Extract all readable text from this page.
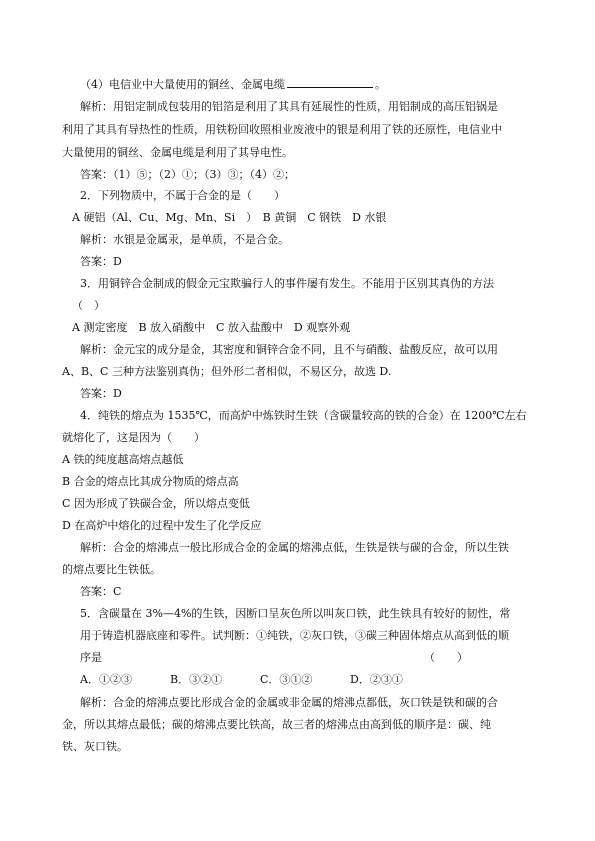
（4）电信业中大量使用的铜丝、金属电缆	。
解析：用铝定制成包装用的铝箔是利用了其具有延展性的性质，用铝制成的高压铝锅是
利用了其具有导热性的性质，用铁粉回收照相业废液中的银是利用了铁的还原性，电信业中
大量使用的铜丝、金属电缆是利用了其导电性。
答案：（1）⑤；（2）①；（3）③；（4）②；
2．下列物质中，不属于合金的是（　　）
A 硬铝（Al、Cu、Mg、Mn、Si　）　B 黄铜　C 钢铁　D 水银
解析：水银是金属汞，是单质，不是合金。
答案：D
3．用铜锌合金制成的假金元宝欺骗行人的事件屡有发生。不能用于区别其真伪的方法
（　）
A 测定密度　B 放入硝酸中　C 放入盐酸中　D 观察外观
解析：金元宝的成分是金，其密度和铜锌合金不同，且不与硝酸、盐酸反应，故可以用
A、B、C 三种方法鉴别真伪；但外形二者相似，不易区分，故选 D.
答案：D
4．纯铁的熔点为 1535℃，而高炉中炼铁时生铁（含碳量较高的铁的合金）在 1200℃左右
就熔化了，这是因为（　　）
A 铁的纯度越高熔点越低
B 合金的熔点比其成分物质的熔点高
C 因为形成了铁碳合金，所以熔点变低
D 在高炉中熔化的过程中发生了化学反应
解析：合金的熔沸点一般比形成合金的金属的熔沸点低，生铁是铁与碳的合金，所以生铁
的熔点要比生铁低。
答案：C
5．含碳量在 3%—4%的生铁，因断口呈灰色所以叫灰口铁，此生铁具有较好的韧性，常
用于铸造机器底座和零件。试判断：①纯铁，②灰口铁，③碳三种固体熔点从高到低的顺
序是	（　　）
A．①②③	B．③②①	C．③①②	D．②③①
解析：合金的熔沸点要比形成合金的金属或非金属的熔沸点都低，灰口铁是铁和碳的合
金，所以其熔点最低；碳的熔沸点要比铁高，故三者的熔沸点由高到低的顺序是：碳、纯
铁、灰口铁。
